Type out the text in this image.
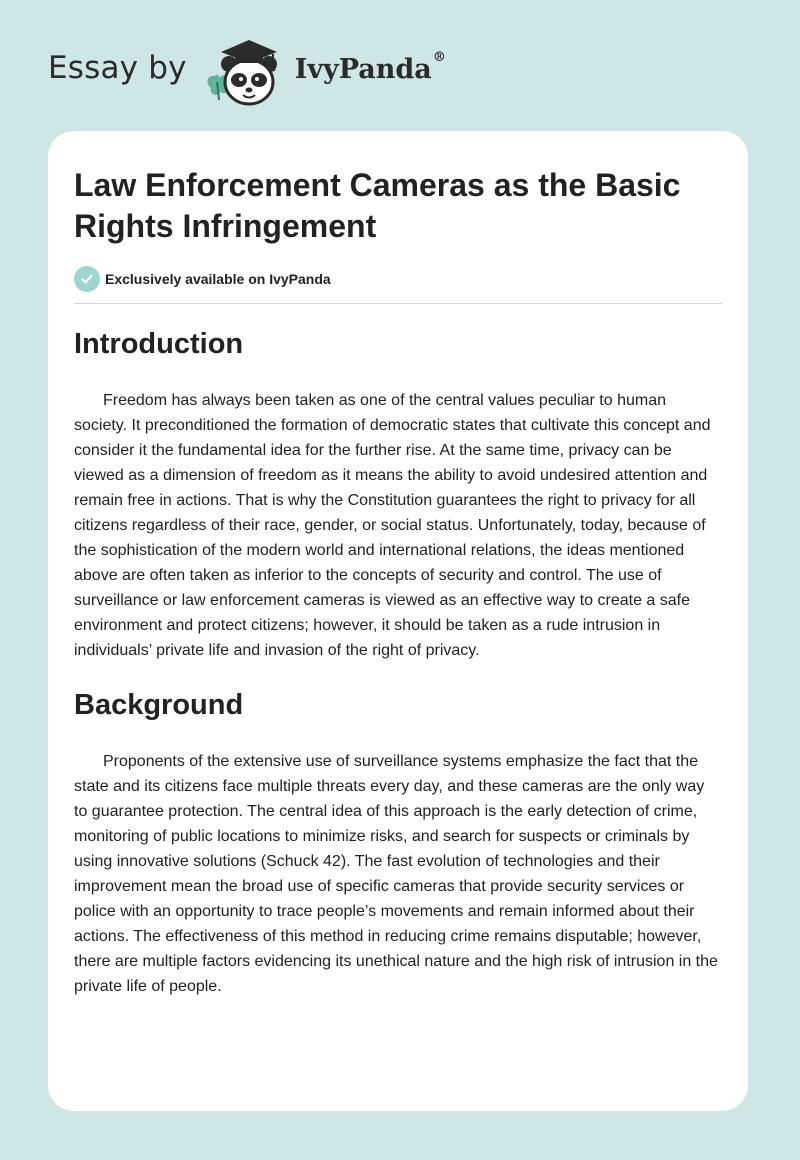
Essay by	IvyPanda®
Law Enforcement Cameras as the Basic Rights Infringement
Exclusively available on IvyPanda
Introduction

Freedom has always been taken as one of the central values peculiar to human society. It preconditioned the formation of democratic states that cultivate this concept and consider it the fundamental idea for the further rise. At the same time, privacy can be viewed as a dimension of freedom as it means the ability to avoid undesired attention and remain free in actions. That is why the Constitution guarantees the right to privacy for all citizens regardless of their race, gender, or social status. Unfortunately, today, because of the sophistication of the modern world and international relations, the ideas mentioned above are often taken as inferior to the concepts of security and control. The use of surveillance or law enforcement cameras is viewed as an effective way to create a safe environment and protect citizens; however, it should be taken as a rude intrusion in individuals’ private life and invasion of the right of privacy.

Background

Proponents of the extensive use of surveillance systems emphasize the fact that the state and its citizens face multiple threats every day, and these cameras are the only way to guarantee protection. The central idea of this approach is the early detection of crime, monitoring of public locations to minimize risks, and search for suspects or criminals by using innovative solutions (Schuck 42). The fast evolution of technologies and their improvement mean the broad use of specific cameras that provide security services or police with an opportunity to trace people’s movements and remain informed about their actions. The effectiveness of this method in reducing crime remains disputable; however, there are multiple factors evidencing its unethical nature and the high risk of intrusion in the private life of people.
